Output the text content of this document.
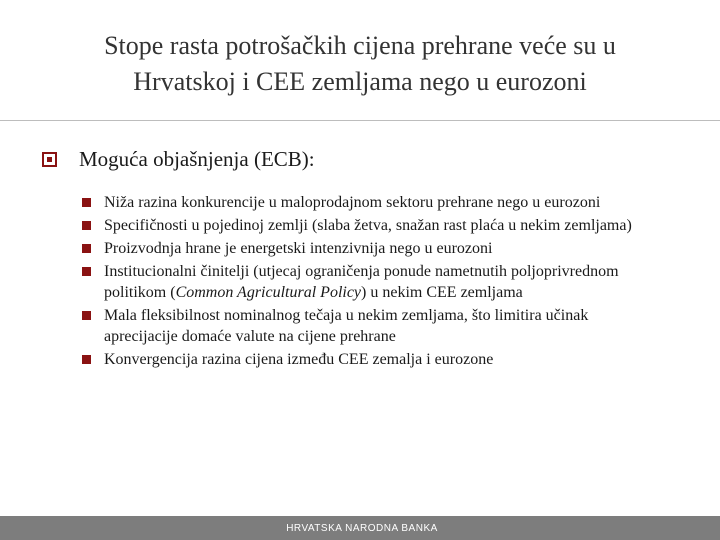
Stope rasta potrošačkih cijena prehrane veće su u
Hrvatskoj i CEE zemljama nego u eurozoni
Moguća objašnjenja (ECB):
Niža razina konkurencije u maloprodajnom sektoru prehrane nego u eurozoni
Specifičnosti u pojedinoj zemlji (slaba žetva, snažan rast plaća u nekim zemljama)
Proizvodnja hrane je energetski intenzivnija nego u eurozoni
Institucionalni činitelji (utjecaj ograničenja ponude nametnutih poljoprivrednom politikom (Common Agricultural Policy) u nekim CEE zemljama
Mala fleksibilnost nominalnog tečaja u nekim zemljama, što limitira učinak aprecijacije domaće valute na cijene prehrane
Konvergencija razina cijena između CEE zemalja i eurozone
HRVATSKA NARODNA BANKA
